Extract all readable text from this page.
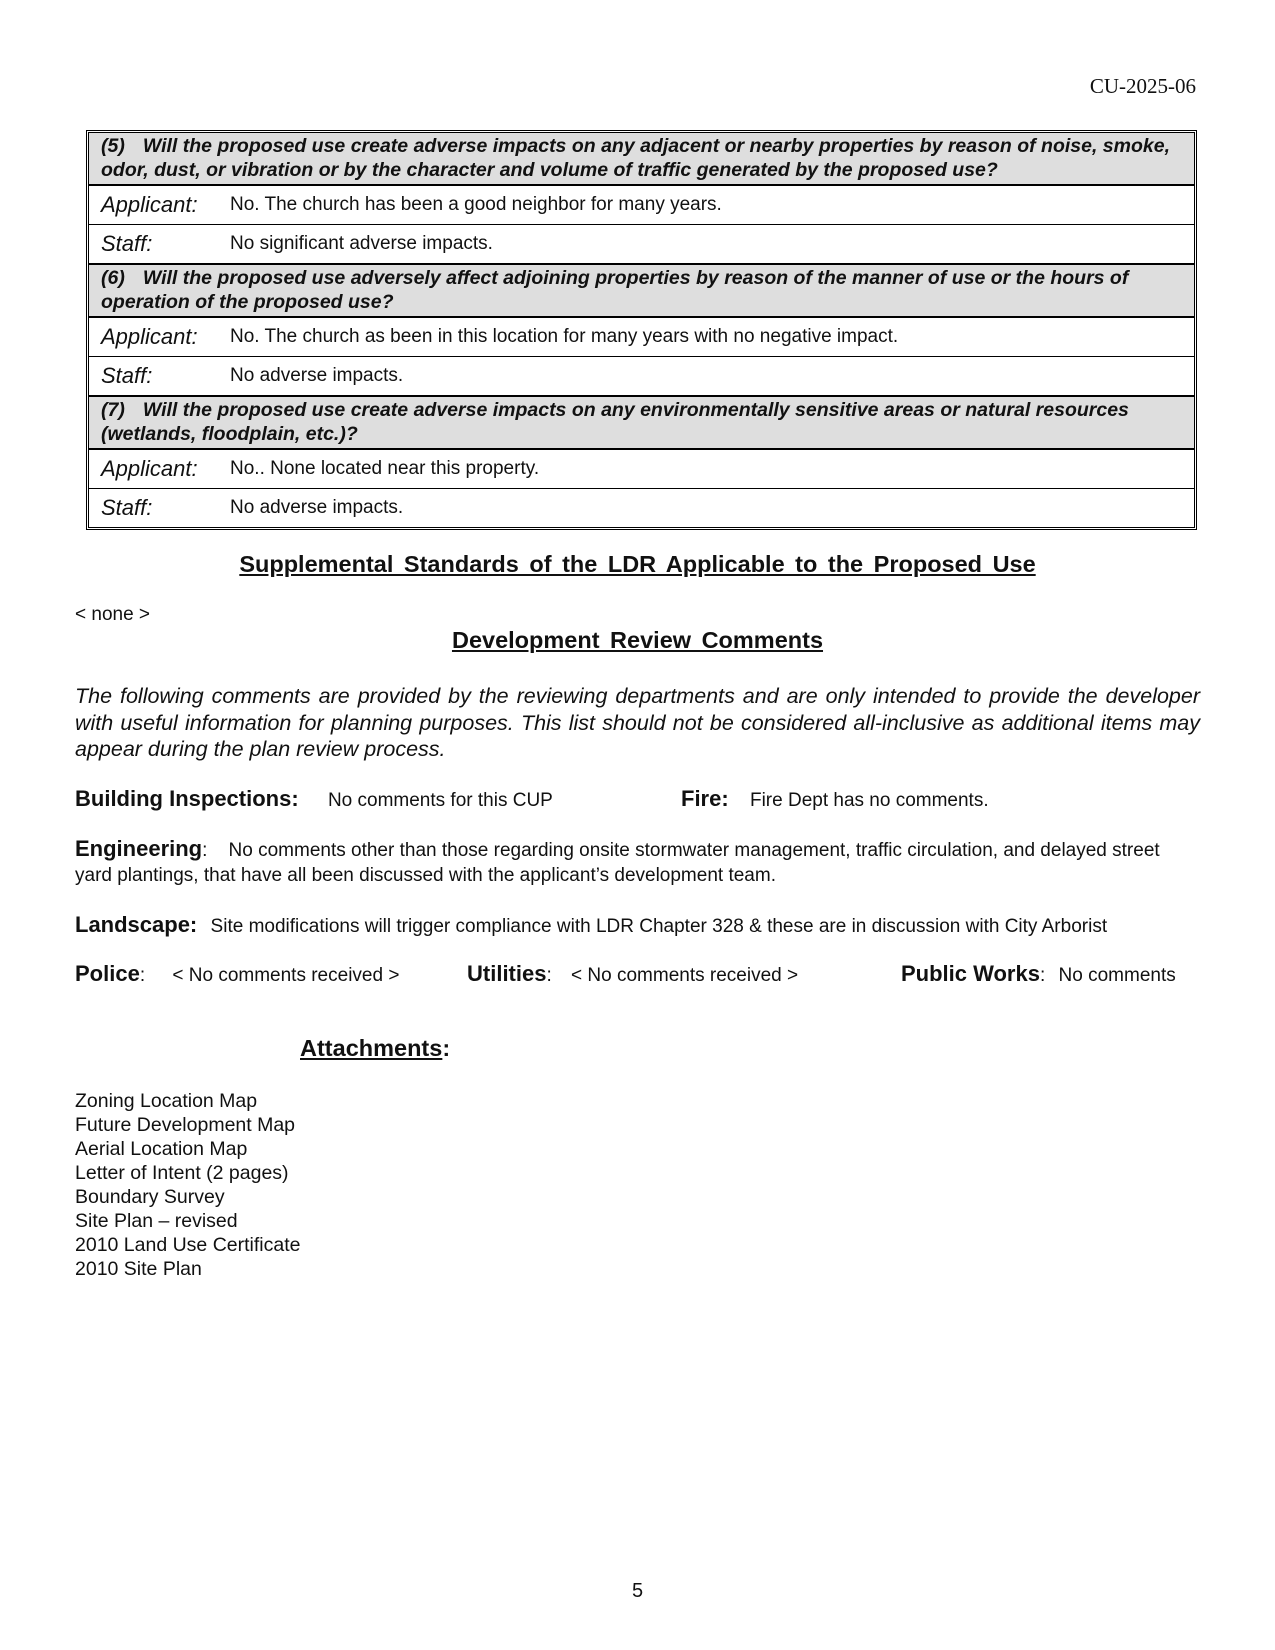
CU-2025-06
(5) Will the proposed use create adverse impacts on any adjacent or nearby properties by reason of noise, smoke, odor, dust, or vibration or by the character and volume of traffic generated by the proposed use?
Applicant:	No. The church has been a good neighbor for many years.
Staff:	No significant adverse impacts.
(6) Will the proposed use adversely affect adjoining properties by reason of the manner of use or the hours of operation of the proposed use?
Applicant:	No. The church as been in this location for many years with no negative impact.
Staff:	No adverse impacts.
(7) Will the proposed use create adverse impacts on any environmentally sensitive areas or natural resources (wetlands, floodplain, etc.)?
Applicant:	No.. None located near this property.
Staff:	No adverse impacts.
Supplemental Standards of the LDR Applicable to the Proposed Use
< none >
Development Review Comments
The following comments are provided by the reviewing departments and are only intended to provide the developer with useful information for planning purposes. This list should not be considered all-inclusive as additional items may appear during the plan review process.
Building Inspections: No comments for this CUP	Fire: Fire Dept has no comments.
Engineering:    No comments other than those regarding onsite stormwater management, traffic circulation, and delayed street yard plantings, that have all been discussed with the applicant’s development team.
Landscape: Site modifications will trigger compliance with LDR Chapter 328 & these are in discussion with City Arborist
Police: < No comments received >	Utilities: < No comments received >	Public Works: No comments
Attachments:
Zoning Location Map
Future Development Map
Aerial Location Map
Letter of Intent (2 pages)
Boundary Survey
Site Plan – revised
2010 Land Use Certificate
2010 Site Plan
5
